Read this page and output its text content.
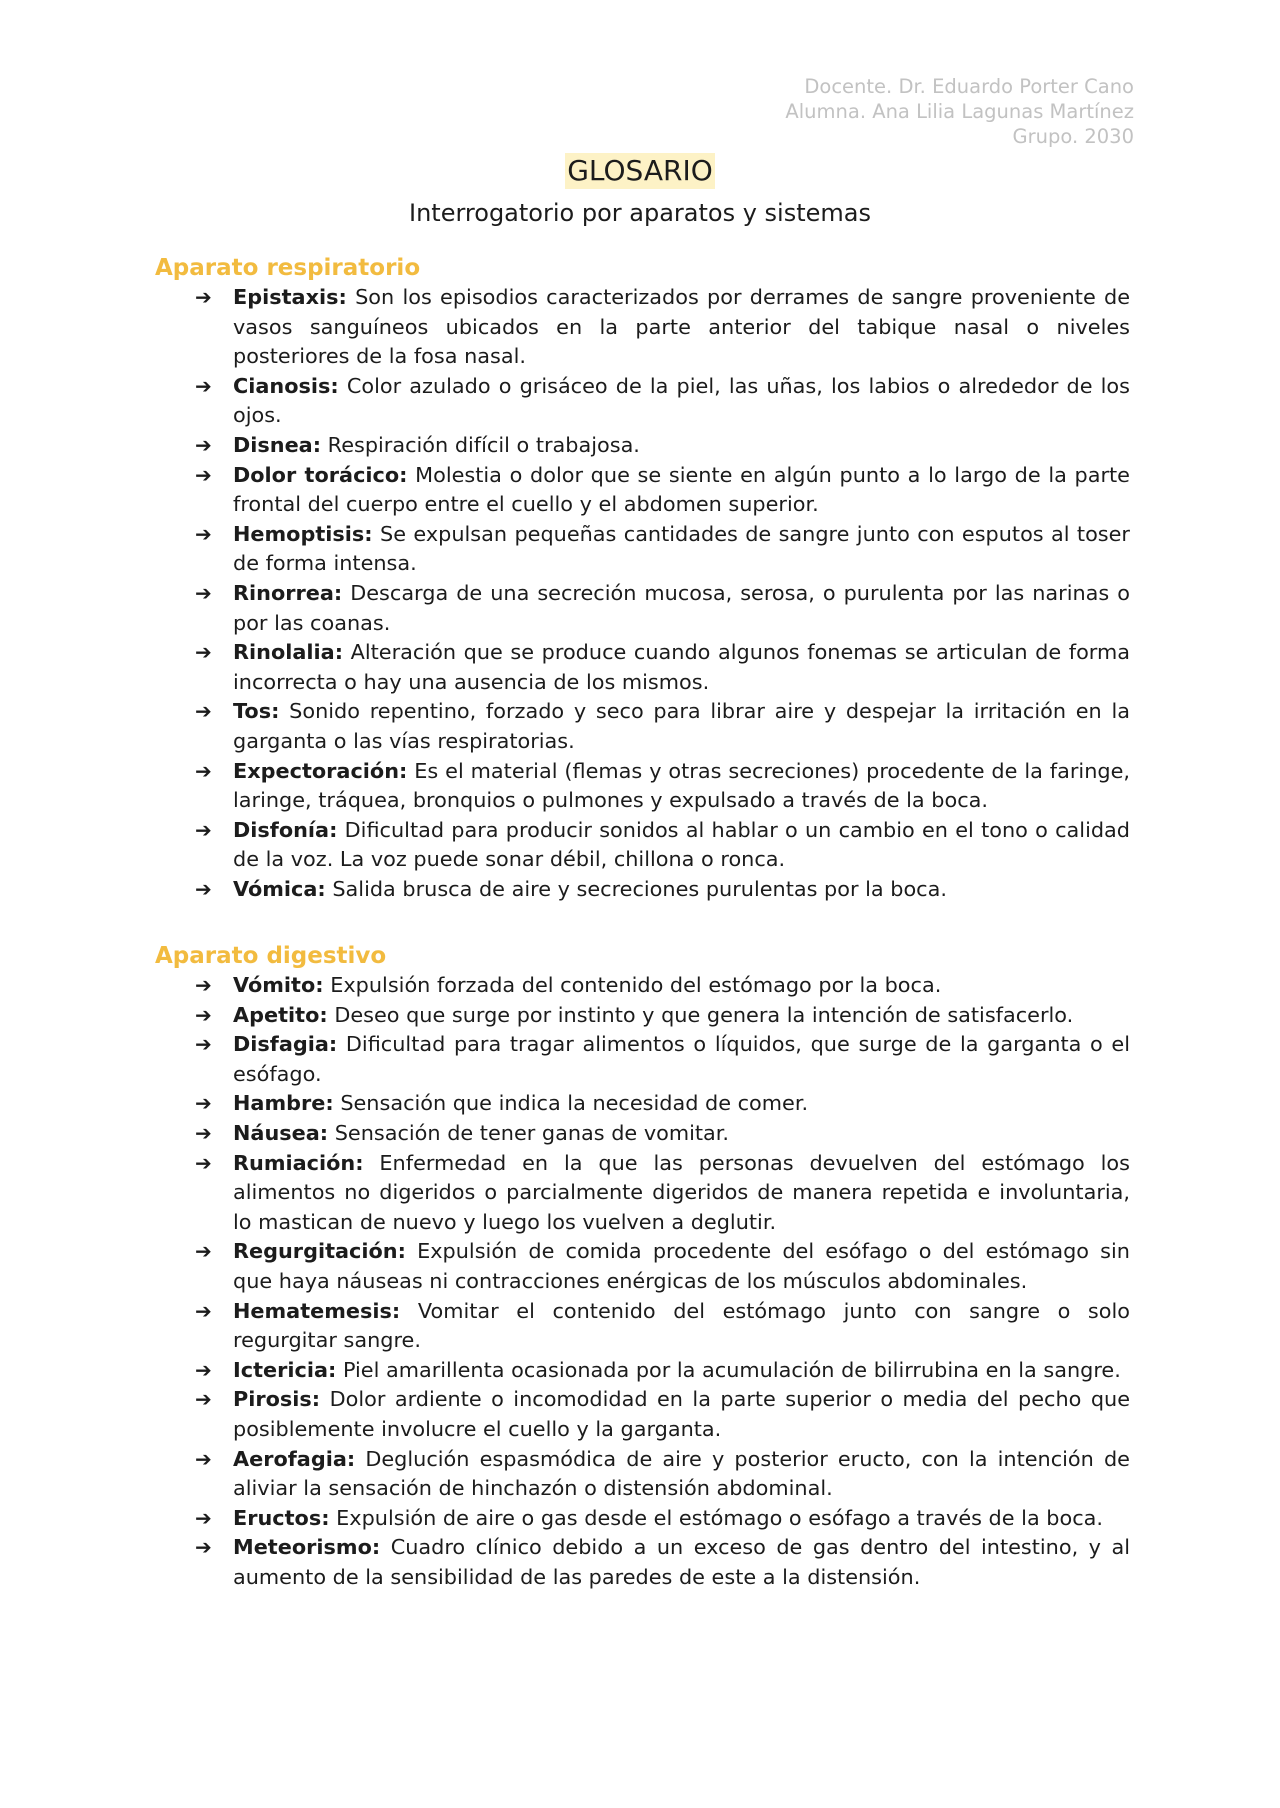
Docente. Dr. Eduardo Porter Cano
Alumna. Ana Lilia Lagunas Martínez
Grupo. 2030
GLOSARIO
Interrogatorio por aparatos y sistemas
Aparato respiratorio
➔ Epistaxis: Son los episodios caracterizados por derrames de sangre proveniente de vasos sanguíneos ubicados en la parte anterior del tabique nasal o niveles posteriores de la fosa nasal.
➔ Cianosis: Color azulado o grisáceo de la piel, las uñas, los labios o alrededor de los ojos.
➔ Disnea: Respiración difícil o trabajosa.
➔ Dolor torácico: Molestia o dolor que se siente en algún punto a lo largo de la parte frontal del cuerpo entre el cuello y el abdomen superior.
➔ Hemoptisis: Se expulsan pequeñas cantidades de sangre junto con esputos al toser de forma intensa.
➔ Rinorrea: Descarga de una secreción mucosa, serosa, o purulenta por las narinas o por las coanas.
➔ Rinolalia: Alteración que se produce cuando algunos fonemas se articulan de forma incorrecta o hay una ausencia de los mismos.
➔ Tos: Sonido repentino, forzado y seco para librar aire y despejar la irritación en la garganta o las vías respiratorias.
➔ Expectoración: Es el material (flemas y otras secreciones) procedente de la faringe, laringe, tráquea, bronquios o pulmones y expulsado a través de la boca.
➔ Disfonía: Dificultad para producir sonidos al hablar o un cambio en el tono o calidad de la voz. La voz puede sonar débil, chillona o ronca.
➔ Vómica: Salida brusca de aire y secreciones purulentas por la boca.
Aparato digestivo
➔ Vómito: Expulsión forzada del contenido del estómago por la boca.
➔ Apetito: Deseo que surge por instinto y que genera la intención de satisfacerlo.
➔ Disfagia: Dificultad para tragar alimentos o líquidos, que surge de la garganta o el esófago.
➔ Hambre: Sensación que indica la necesidad de comer.
➔ Náusea: Sensación de tener ganas de vomitar.
➔ Rumiación: Enfermedad en la que las personas devuelven del estómago los alimentos no digeridos o parcialmente digeridos de manera repetida e involuntaria, lo mastican de nuevo y luego los vuelven a deglutir.
➔ Regurgitación: Expulsión de comida procedente del esófago o del estómago sin que haya náuseas ni contracciones enérgicas de los músculos abdominales.
➔ Hematemesis: Vomitar el contenido del estómago junto con sangre o solo regurgitar sangre.
➔ Ictericia: Piel amarillenta ocasionada por la acumulación de bilirrubina en la sangre.
➔ Pirosis: Dolor ardiente o incomodidad en la parte superior o media del pecho que posiblemente involucre el cuello y la garganta.
➔ Aerofagia: Deglución espasmódica de aire y posterior eructo, con la intención de aliviar la sensación de hinchazón o distensión abdominal.
➔ Eructos: Expulsión de aire o gas desde el estómago o esófago a través de la boca.
➔ Meteorismo: Cuadro clínico debido a un exceso de gas dentro del intestino, y al aumento de la sensibilidad de las paredes de este a la distensión.
